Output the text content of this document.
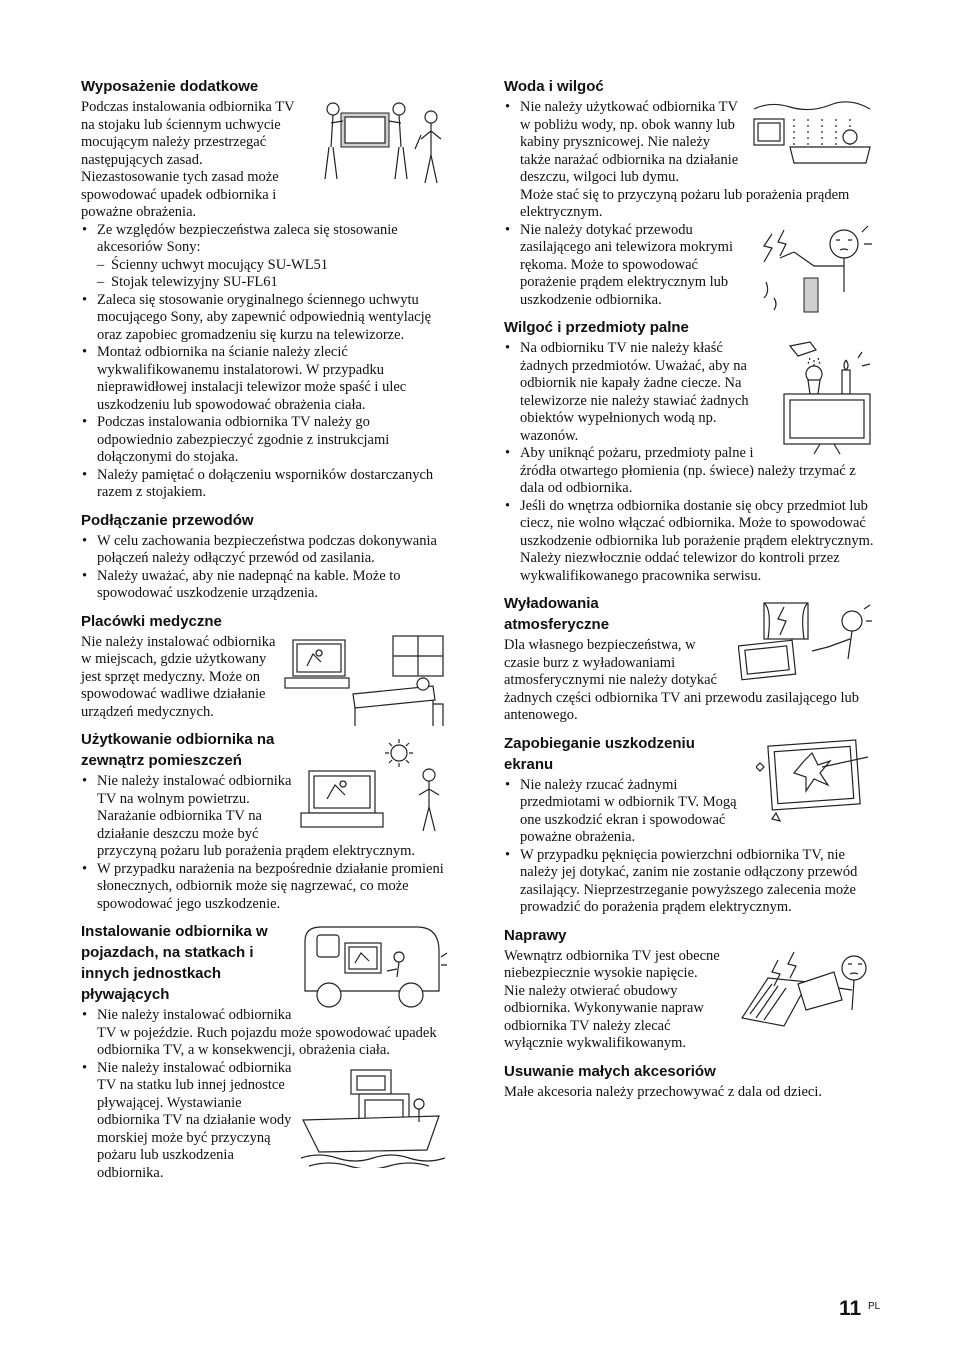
Wyposażenie dodatkowe

Podczas instalowania odbiornika TV na stojaku lub ściennym uchwycie mocującym należy przestrzegać następujących zasad.

Niezastosowanie tych zasad może spowodować upadek odbiornika i poważne obrażenia.

• Ze względów bezpieczeństwa zaleca się stosowanie akcesoriów Sony:
– Ścienny uchwyt mocujący SU-WL51
– Stojak telewizyjny SU-FL61
• Zaleca się stosowanie oryginalnego ściennego uchwytu mocującego Sony, aby zapewnić odpowiednią wentylację oraz zapobiec gromadzeniu się kurzu na telewizorze.
• Montaż odbiornika na ścianie należy zlecić wykwalifikowanemu instalatorowi. W przypadku nieprawidłowej instalacji telewizor może spaść i ulec uszkodzeniu lub spowodować obrażenia ciała.
• Podczas instalowania odbiornika TV należy go odpowiednio zabezpieczyć zgodnie z instrukcjami dołączonymi do stojaka.
• Należy pamiętać o dołączeniu wsporników dostarczanych razem z stojakiem.
Podłączanie przewodów
• W celu zachowania bezpieczeństwa podczas dokonywania połączeń należy odłączyć przewód od zasilania.
• Należy uważać, aby nie nadepnąć na kable. Może to spowodować uszkodzenie urządzenia.
Placówki medyczne

Nie należy instalować odbiornika w miejscach, gdzie użytkowany jest sprzęt medyczny. Może on spowodować wadliwe działanie urządzeń medycznych.

Użytkowanie odbiornika na zewnątrz pomieszczeń
• Nie należy instalować odbiornika TV na wolnym powietrzu. Narażanie odbiornika TV na działanie deszczu może być przyczyną pożaru lub porażenia prądem elektrycznym.
• W przypadku narażenia na bezpośrednie działanie promieni słonecznych, odbiornik może się nagrzewać, co może spowodować jego uszkodzenie.
Instalowanie odbiornika w pojazdach, na statkach i innych jednostkach pływających
• Nie należy instalować odbiornika TV w pojeździe. Ruch pojazdu może spowodować upadek odbiornika TV, a w konsekwencji, obrażenia ciała.
• Nie należy instalować odbiornika TV na statku lub innej jednostce pływającej. Wystawianie odbiornika TV na działanie wody morskiej może być przyczyną pożaru lub uszkodzenia odbiornika.
Woda i wilgoć
• Nie należy użytkować odbiornika TV w pobliżu wody, np. obok wanny lub kabiny prysznicowej. Nie należy także narażać odbiornika na działanie deszczu, wilgoci lub dymu.
Może stać się to przyczyną pożaru lub porażenia prądem elektrycznym.
• Nie należy dotykać przewodu zasilającego ani telewizora mokrymi rękoma. Może to spowodować porażenie prądem elektrycznym lub uszkodzenie odbiornika.
Wilgoć i przedmioty palne
• Na odbiorniku TV nie należy kłaść żadnych przedmiotów. Uważać, aby na odbiornik nie kapały żadne ciecze. Na telewizorze nie należy stawiać żadnych obiektów wypełnionych wodą np. wazonów.
• Aby uniknąć pożaru, przedmioty palne i źródła otwartego płomienia (np. świece) należy trzymać z dala od odbiornika.
• Jeśli do wnętrza odbiornika dostanie się obcy przedmiot lub ciecz, nie wolno włączać odbiornika. Może to spowodować uszkodzenie odbiornika lub porażenie prądem elektrycznym. Należy niezwłocznie oddać telewizor do kontroli przez wykwalifikowanego pracownika serwisu.
Wyładowania atmosferyczne

Dla własnego bezpieczeństwa, w czasie burz z wyładowaniami atmosferycznymi nie należy dotykać żadnych części odbiornika TV ani przewodu zasilającego lub antenowego.

Zapobieganie uszkodzeniu ekranu
• Nie należy rzucać żadnymi przedmiotami w odbiornik TV. Mogą one uszkodzić ekran i spowodować poważne obrażenia.
• W przypadku pęknięcia powierzchni odbiornika TV, nie należy jej dotykać, zanim nie zostanie odłączony przewód zasilający. Nieprzestrzeganie powyższego zalecenia może prowadzić do porażenia prądem elektrycznym.
Naprawy

Wewnątrz odbiornika TV jest obecne niebezpiecznie wysokie napięcie.

Nie należy otwierać obudowy odbiornika. Wykonywanie napraw odbiornika TV należy zlecać wyłącznie wykwalifikowanym.

Usuwanie małych akcesoriów

Małe akcesoria należy przechowywać z dala od dzieci.

11 PL
